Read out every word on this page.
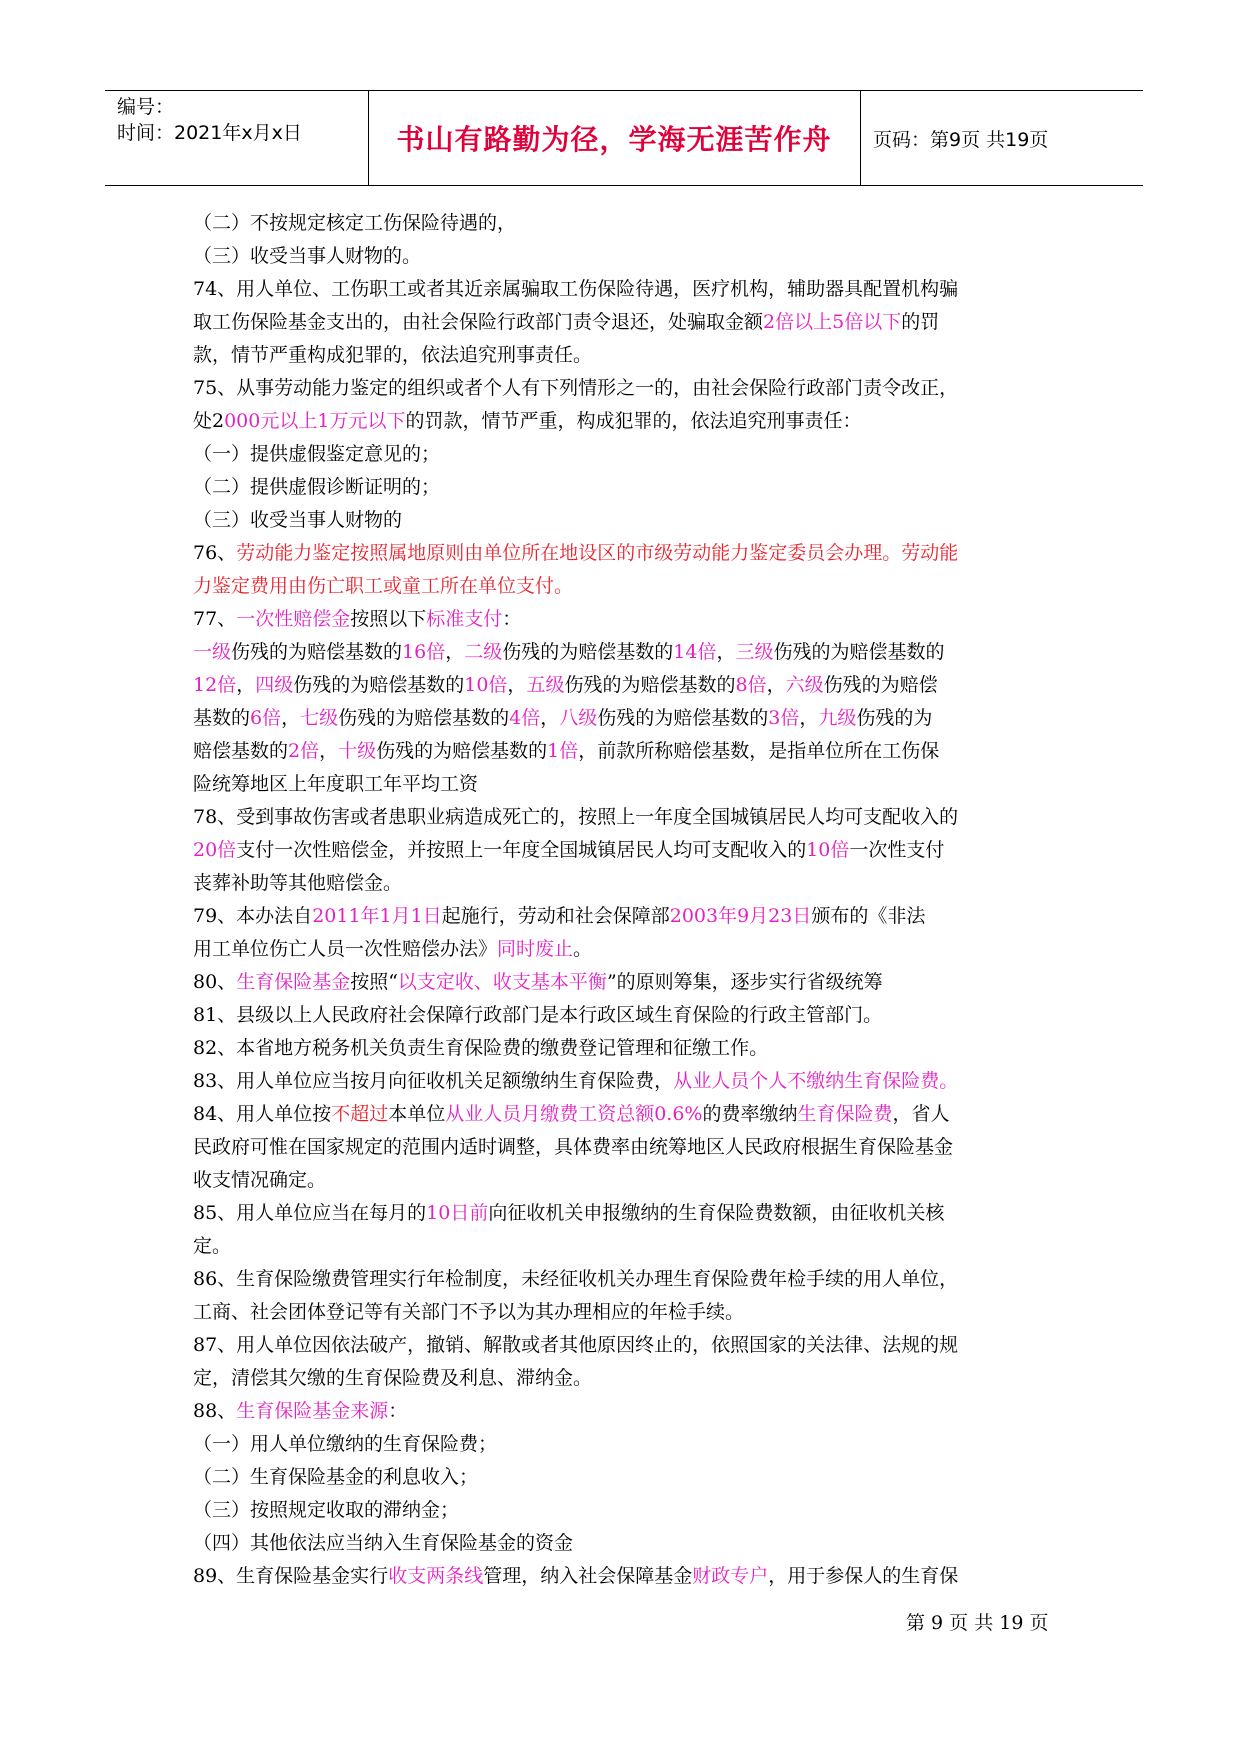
编号：
时间：2021年x月x日	书山有路勤为径，学海无涯苦作舟	页码：第9页 共19页
（二）不按规定核定工伤保险待遇的，
（三）收受当事人财物的。
74、用人单位、工伤职工或者其近亲属骗取工伤保险待遇，医疗机构，辅助器具配置机构骗
取工伤保险基金支出的，由社会保险行政部门责令退还，处骗取金额2倍以上5倍以下的罚
款，情节严重构成犯罪的，依法追究刑事责任。
75、从事劳动能力鉴定的组织或者个人有下列情形之一的，由社会保险行政部门责令改正，
处2000元以上1万元以下的罚款，情节严重，构成犯罪的，依法追究刑事责任：
（一）提供虚假鉴定意见的；
（二）提供虚假诊断证明的；
（三）收受当事人财物的
76、劳动能力鉴定按照属地原则由单位所在地设区的市级劳动能力鉴定委员会办理。劳动能
力鉴定费用由伤亡职工或童工所在单位支付。
77、一次性赔偿金按照以下标准支付：
一级伤残的为赔偿基数的16倍，二级伤残的为赔偿基数的14倍，三级伤残的为赔偿基数的
12倍，四级伤残的为赔偿基数的10倍，五级伤残的为赔偿基数的8倍，六级伤残的为赔偿
基数的6倍，七级伤残的为赔偿基数的4倍，八级伤残的为赔偿基数的3倍，九级伤残的为
赔偿基数的2倍，十级伤残的为赔偿基数的1倍，前款所称赔偿基数，是指单位所在工伤保
险统筹地区上年度职工年平均工资
78、受到事故伤害或者患职业病造成死亡的，按照上一年度全国城镇居民人均可支配收入的
20倍支付一次性赔偿金，并按照上一年度全国城镇居民人均可支配收入的10倍一次性支付
丧葬补助等其他赔偿金。
79、本办法自2011年1月1日起施行，劳动和社会保障部2003年9月23日颁布的《非法
用工单位伤亡人员一次性赔偿办法》同时废止。
80、生育保险基金按照“以支定收、收支基本平衡”的原则筹集，逐步实行省级统筹
81、县级以上人民政府社会保障行政部门是本行政区域生育保险的行政主管部门。
82、本省地方税务机关负责生育保险费的缴费登记管理和征缴工作。
83、用人单位应当按月向征收机关足额缴纳生育保险费，从业人员个人不缴纳生育保险费。
84、用人单位按不超过本单位从业人员月缴费工资总额0.6%的费率缴纳生育保险费，省人
民政府可惟在国家规定的范围内适时调整，具体费率由统筹地区人民政府根据生育保险基金
收支情况确定。
85、用人单位应当在每月的10日前向征收机关申报缴纳的生育保险费数额，由征收机关核
定。
86、生育保险缴费管理实行年检制度，未经征收机关办理生育保险费年检手续的用人单位，
工商、社会团体登记等有关部门不予以为其办理相应的年检手续。
87、用人单位因依法破产，撤销、解散或者其他原因终止的，依照国家的关法律、法规的规
定，清偿其欠缴的生育保险费及利息、滞纳金。
88、生育保险基金来源：
（一）用人单位缴纳的生育保险费；
（二）生育保险基金的利息收入；
（三）按照规定收取的滞纳金；
（四）其他依法应当纳入生育保险基金的资金
89、生育保险基金实行收支两条线管理，纳入社会保障基金财政专户，用于参保人的生育保
第 9 页 共 19 页
